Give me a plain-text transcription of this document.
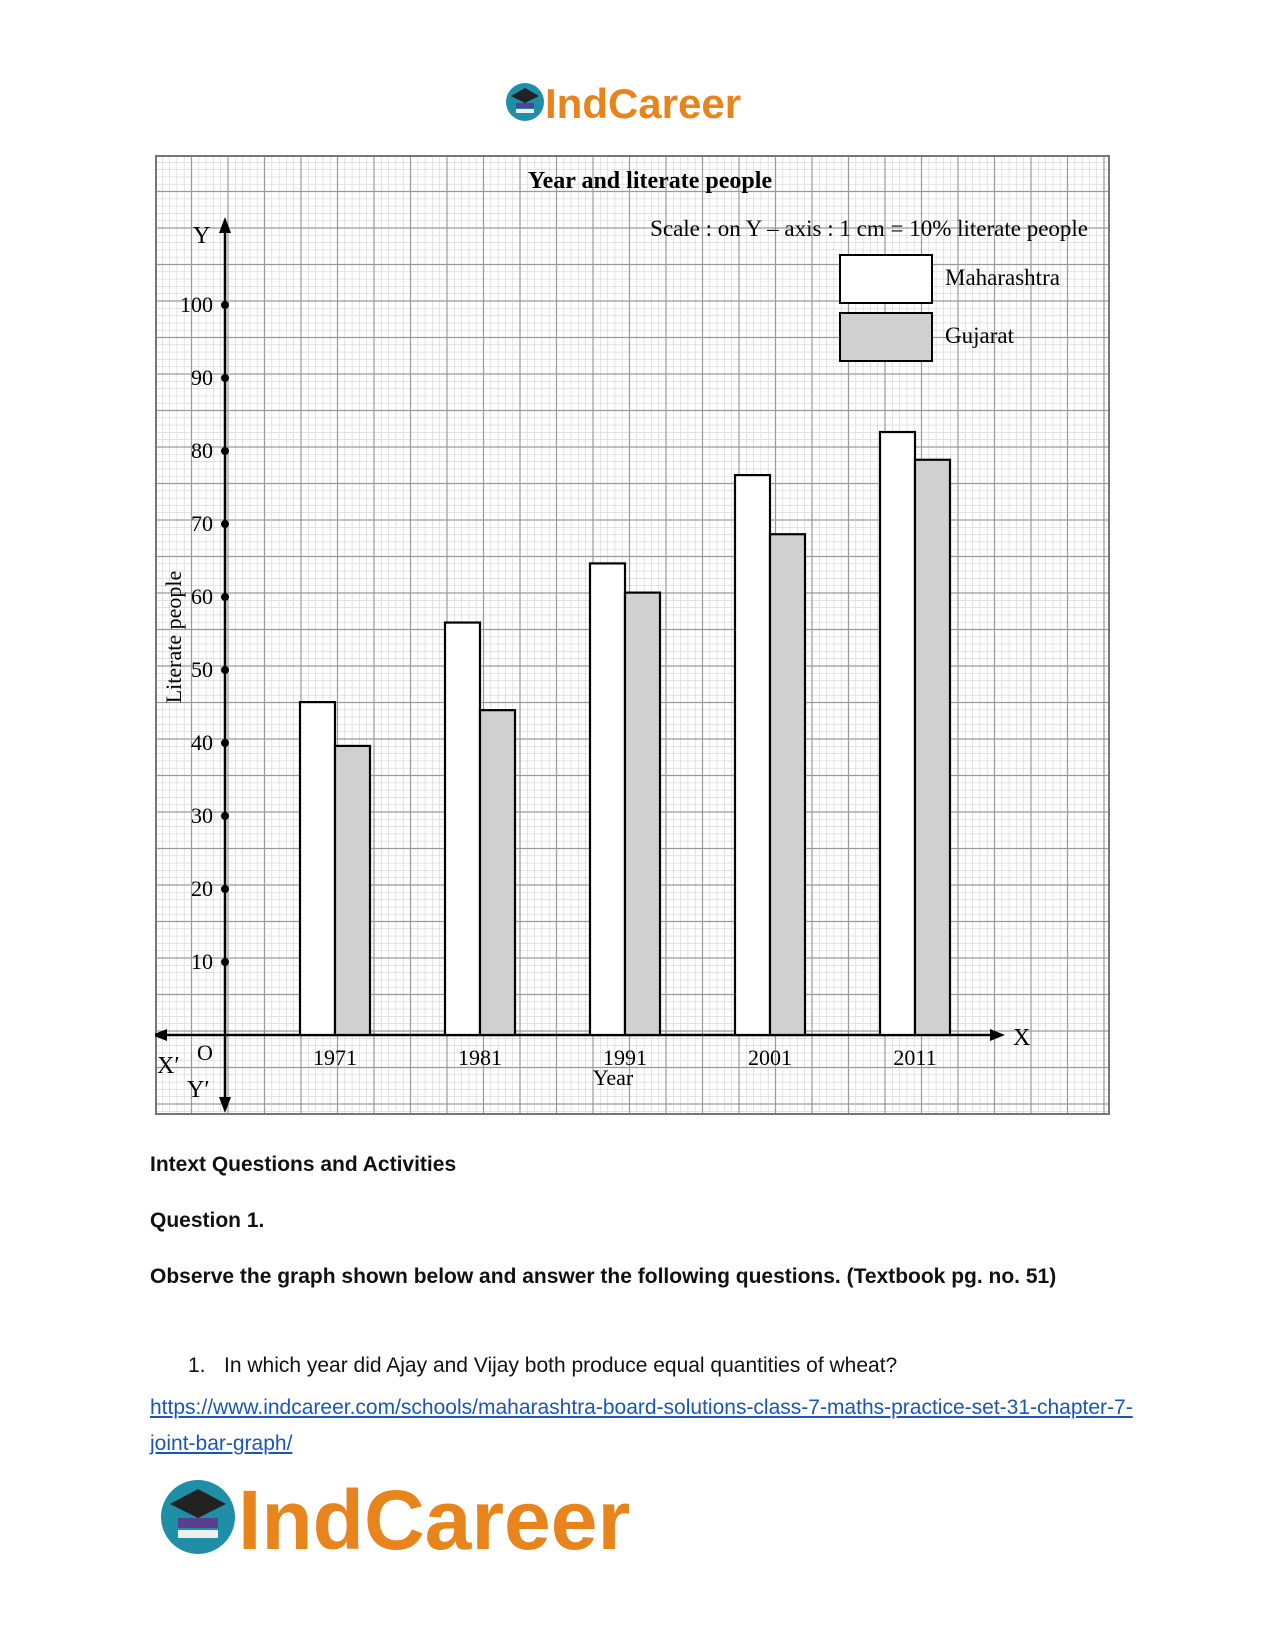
IndCareer
10
20
30
40
50
60
70
80
90
100
1971	1981	1991	2001	2011
Y
X
X′
Y′
O
Year
Literate people
Year and literate people
Scale : on Y – axis : 1 cm = 10% literate people
Maharashtra
Gujarat

Intext Questions and Activities

Question 1.

Observe the graph shown below and answer the following questions. (Textbook pg. no. 51)

1. In which year did Ajay and Vijay both produce equal quantities of wheat?
https://www.indcareer.com/schools/maharashtra-board-solutions-class-7-maths-practice-set-31-chapter-7-joint-bar-graph/
IndCareer
